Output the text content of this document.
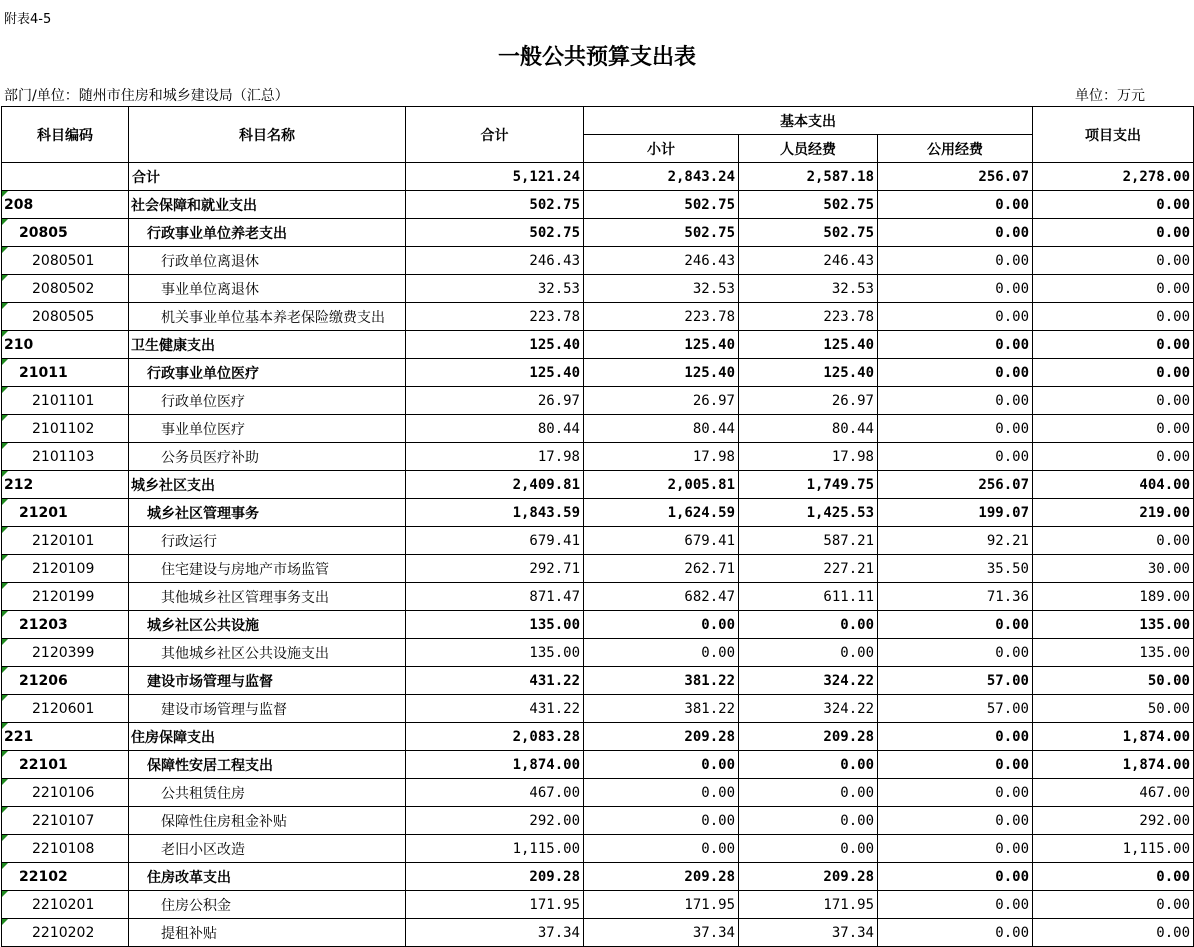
附表4-5
一般公共预算支出表
部门/单位：随州市住房和城乡建设局（汇总）	单位：万元
科目编码	科目名称	合计	基本支出			项目支出
			小计	人员经费	公用经费	
	合计	5,121.24	2,843.24	2,587.18	256.07	2,278.00
208	社会保障和就业支出	502.75	502.75	502.75	0.00	0.00
20805	行政事业单位养老支出	502.75	502.75	502.75	0.00	0.00
2080501	行政单位离退休	246.43	246.43	246.43	0.00	0.00
2080502	事业单位离退休	32.53	32.53	32.53	0.00	0.00
2080505	机关事业单位基本养老保险缴费支出	223.78	223.78	223.78	0.00	0.00
210	卫生健康支出	125.40	125.40	125.40	0.00	0.00
21011	行政事业单位医疗	125.40	125.40	125.40	0.00	0.00
2101101	行政单位医疗	26.97	26.97	26.97	0.00	0.00
2101102	事业单位医疗	80.44	80.44	80.44	0.00	0.00
2101103	公务员医疗补助	17.98	17.98	17.98	0.00	0.00
212	城乡社区支出	2,409.81	2,005.81	1,749.75	256.07	404.00
21201	城乡社区管理事务	1,843.59	1,624.59	1,425.53	199.07	219.00
2120101	行政运行	679.41	679.41	587.21	92.21	0.00
2120109	住宅建设与房地产市场监管	292.71	262.71	227.21	35.50	30.00
2120199	其他城乡社区管理事务支出	871.47	682.47	611.11	71.36	189.00
21203	城乡社区公共设施	135.00	0.00	0.00	0.00	135.00
2120399	其他城乡社区公共设施支出	135.00	0.00	0.00	0.00	135.00
21206	建设市场管理与监督	431.22	381.22	324.22	57.00	50.00
2120601	建设市场管理与监督	431.22	381.22	324.22	57.00	50.00
221	住房保障支出	2,083.28	209.28	209.28	0.00	1,874.00
22101	保障性安居工程支出	1,874.00	0.00	0.00	0.00	1,874.00
2210106	公共租赁住房	467.00	0.00	0.00	0.00	467.00
2210107	保障性住房租金补贴	292.00	0.00	0.00	0.00	292.00
2210108	老旧小区改造	1,115.00	0.00	0.00	0.00	1,115.00
22102	住房改革支出	209.28	209.28	209.28	0.00	0.00
2210201	住房公积金	171.95	171.95	171.95	0.00	0.00
2210202	提租补贴	37.34	37.34	37.34	0.00	0.00
